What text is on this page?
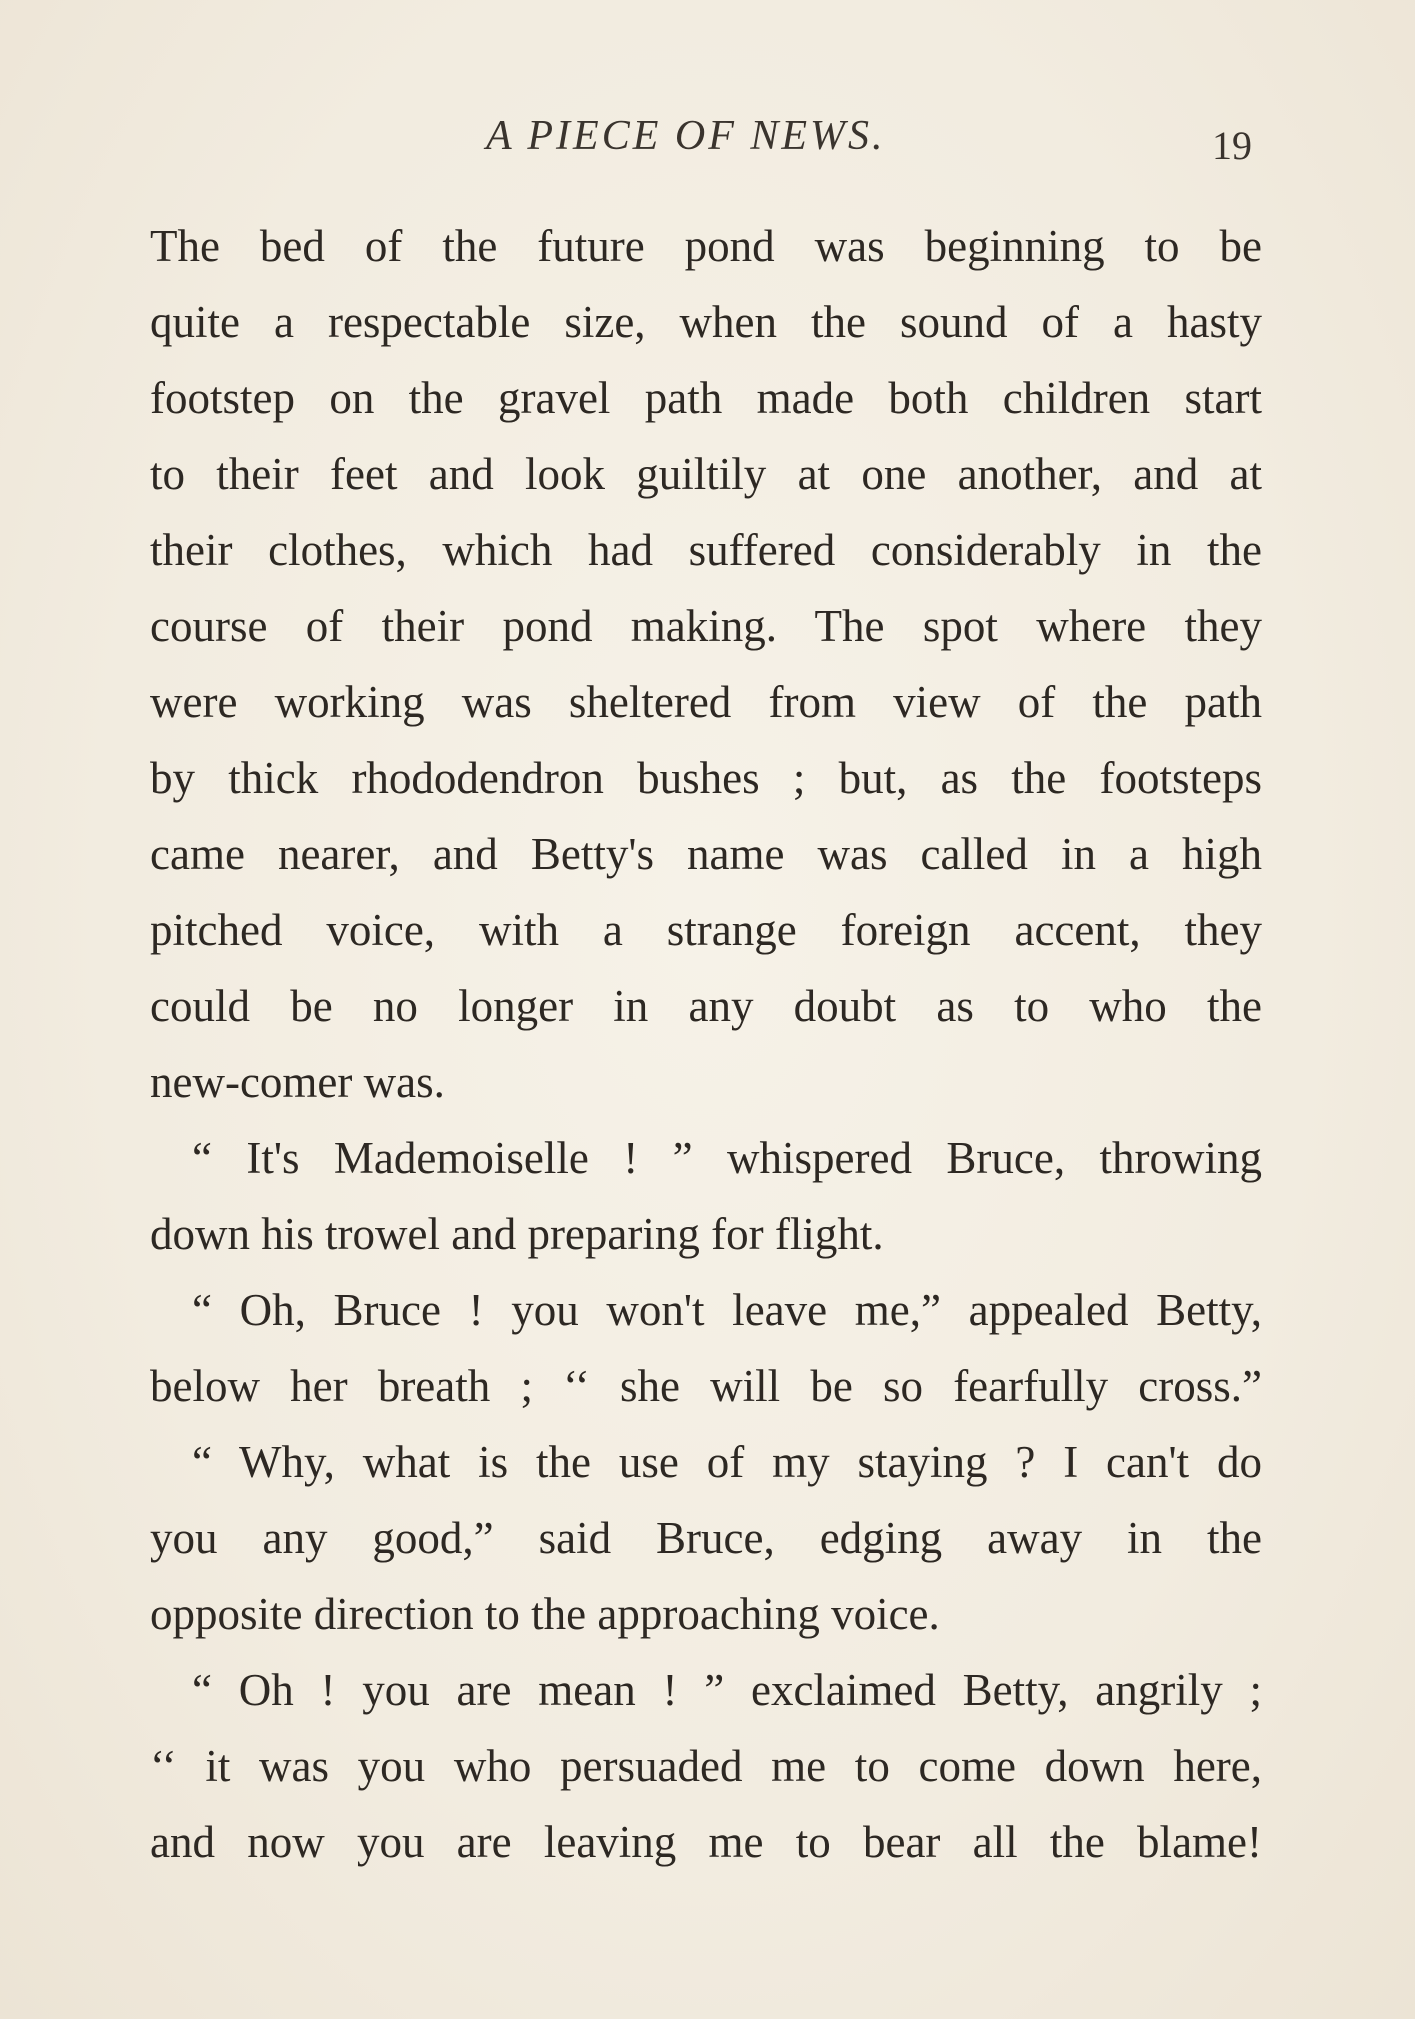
A PIECE OF NEWS.	19
The bed of the future pond was beginning to be
quite a respectable size, when the sound of a hasty
footstep on the gravel path made both children start
to their feet and look guiltily at one another, and at
their clothes, which had suffered considerably in the
course of their pond making. The spot where they
were working was sheltered from view of the path
by thick rhododendron bushes ; but, as the footsteps
came nearer, and Betty's name was called in a high
pitched voice, with a strange foreign accent, they
could be no longer in any doubt as to who the
new-comer was.
“ It's Mademoiselle ! ” whispered Bruce, throwing
down his trowel and preparing for flight.
“ Oh, Bruce ! you won't leave me,” appealed Betty,
below her breath ; ‘‘ she will be so fearfully cross.”
“ Why, what is the use of my staying ? I can't do
you any good,” said Bruce, edging away in the
opposite direction to the approaching voice.
“ Oh ! you are mean ! ” exclaimed Betty, angrily ;
‘‘ it was you who persuaded me to come down here,
and now you are leaving me to bear all the blame!
